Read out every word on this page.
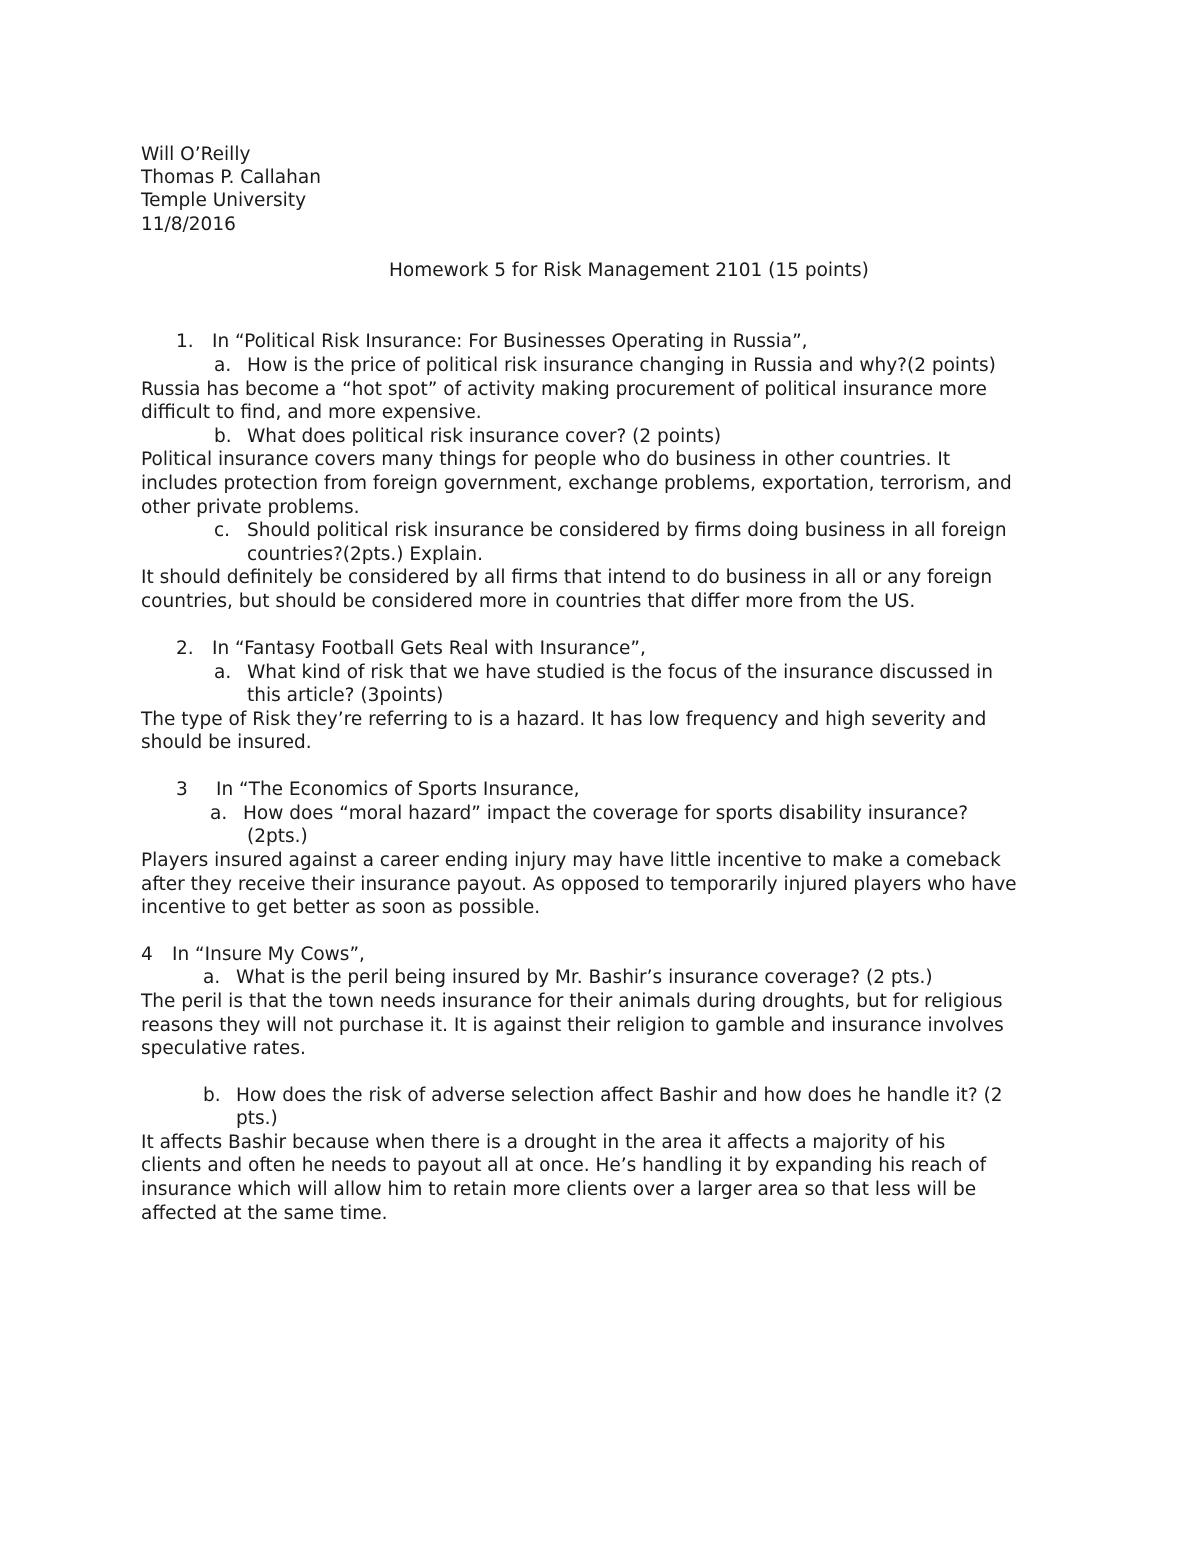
Will O’Reilly
Thomas P. Callahan
Temple University
11/8/2016
Homework 5 for Risk Management 2101 (15 points)
1. In “Political Risk Insurance: For Businesses Operating in Russia”,
a. How is the price of political risk insurance changing in Russia and why?(2 points)
Russia has become a “hot spot” of activity making procurement of political insurance more
difficult to find, and more expensive.
b. What does political risk insurance cover? (2 points)
Political insurance covers many things for people who do business in other countries. It
includes protection from foreign government, exchange problems, exportation, terrorism, and
other private problems.
c. Should political risk insurance be considered by firms doing business in all foreign
countries?(2pts.) Explain.
It should definitely be considered by all firms that intend to do business in all or any foreign
countries, but should be considered more in countries that differ more from the US.
2. In “Fantasy Football Gets Real with Insurance”,
a. What kind of risk that we have studied is the focus of the insurance discussed in
this article? (3points)
The type of Risk they’re referring to is a hazard. It has low frequency and high severity and
should be insured.
3 In “The Economics of Sports Insurance,
a. How does “moral hazard” impact the coverage for sports disability insurance?
(2pts.)
Players insured against a career ending injury may have little incentive to make a comeback
after they receive their insurance payout. As opposed to temporarily injured players who have
incentive to get better as soon as possible.
4 In “Insure My Cows”,
a. What is the peril being insured by Mr. Bashir’s insurance coverage? (2 pts.)
The peril is that the town needs insurance for their animals during droughts, but for religious
reasons they will not purchase it. It is against their religion to gamble and insurance involves
speculative rates.
b. How does the risk of adverse selection affect Bashir and how does he handle it? (2
pts.)
It affects Bashir because when there is a drought in the area it affects a majority of his
clients and often he needs to payout all at once. He’s handling it by expanding his reach of
insurance which will allow him to retain more clients over a larger area so that less will be
affected at the same time.
